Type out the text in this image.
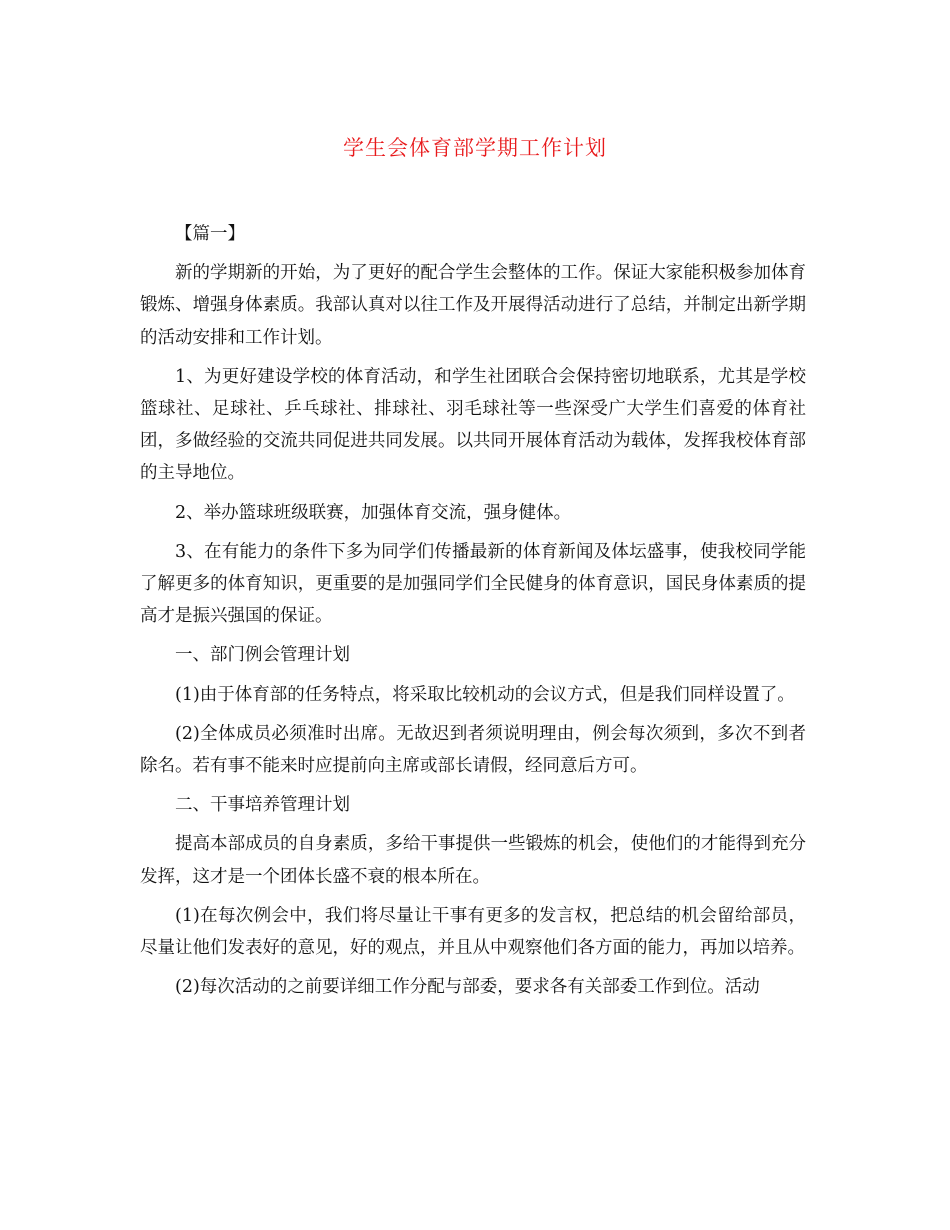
学生会体育部学期工作计划

【篇一】

新的学期新的开始，为了更好的配合学生会整体的工作。保证大家能积极参加体育锻炼、增强身体素质。我部认真对以往工作及开展得活动进行了总结，并制定出新学期的活动安排和工作计划。

1、为更好建设学校的体育活动，和学生社团联合会保持密切地联系，尤其是学校篮球社、足球社、乒乓球社、排球社、羽毛球社等一些深受广大学生们喜爱的体育社团，多做经验的交流共同促进共同发展。以共同开展体育活动为载体，发挥我校体育部的主导地位。

2、举办篮球班级联赛，加强体育交流，强身健体。

3、在有能力的条件下多为同学们传播最新的体育新闻及体坛盛事，使我校同学能了解更多的体育知识，更重要的是加强同学们全民健身的体育意识，国民身体素质的提高才是振兴强国的保证。

一、部门例会管理计划

(1)由于体育部的任务特点，将采取比较机动的会议方式，但是我们同样设置了。

(2)全体成员必须准时出席。无故迟到者须说明理由，例会每次须到，多次不到者除名。若有事不能来时应提前向主席或部长请假，经同意后方可。

二、干事培养管理计划

提高本部成员的自身素质，多给干事提供一些锻炼的机会，使他们的才能得到充分发挥，这才是一个团体长盛不衰的根本所在。

(1)在每次例会中，我们将尽量让干事有更多的发言权，把总结的机会留给部员，尽量让他们发表好的意见，好的观点，并且从中观察他们各方面的能力，再加以培养。

(2)每次活动的之前要详细工作分配与部委，要求各有关部委工作到位。活动
